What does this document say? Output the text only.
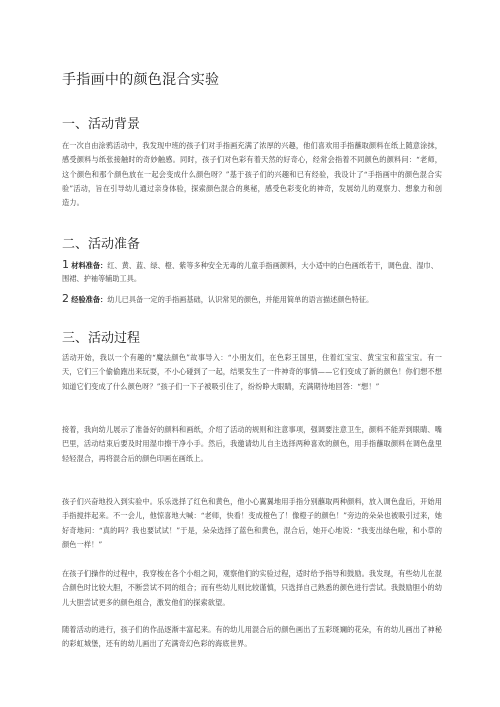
手指画中的颜色混合实验
一、活动背景
在一次自由涂鸦活动中，我发现中班的孩子们对手指画充满了浓厚的兴趣，他们喜欢用手指蘸取颜料在纸上随意涂抹，感受颜料与纸张接触时的奇妙触感。同时，孩子们对色彩有着天然的好奇心，经常会指着不同颜色的颜料问：“老师，这个颜色和那个颜色放在一起会变成什么颜色呀？”基于孩子们的兴趣和已有经验，我设计了“手指画中的颜色混合实验”活动，旨在引导幼儿通过亲身体验，探索颜色混合的奥秘，感受色彩变化的神奇，发展幼儿的观察力、想象力和创造力。
二、活动准备
1 材料准备：红、黄、蓝、绿、橙、紫等多种安全无毒的儿童手指画颜料，大小适中的白色画纸若干，调色盘、湿巾、围裙、护袖等辅助工具。
2 经验准备：幼儿已具备一定的手指画基础，认识常见的颜色，并能用简单的语言描述颜色特征。
三、活动过程
活动开始，我以一个有趣的“魔法颜色”故事导入：“小朋友们，在色彩王国里，住着红宝宝、黄宝宝和蓝宝宝。有一天，它们三个偷偷跑出来玩耍，不小心碰到了一起，结果发生了一件神奇的事情——它们变成了新的颜色！你们想不想知道它们变成了什么颜色呀？”孩子们一下子被吸引住了，纷纷睁大眼睛，充满期待地回答：“想！”
接着，我向幼儿展示了准备好的颜料和画纸，介绍了活动的规则和注意事项，强调要注意卫生，颜料不能弄到眼睛、嘴巴里，活动结束后要及时用湿巾擦干净小手。然后，我邀请幼儿自主选择两种喜欢的颜色，用手指蘸取颜料在调色盘里轻轻混合，再将混合后的颜色印画在画纸上。
孩子们兴奋地投入到实验中。乐乐选择了红色和黄色，他小心翼翼地用手指分别蘸取两种颜料，放入调色盘后，开始用手指搅拌起来。不一会儿，他惊喜地大喊：“老师，快看！变成橙色了！像橙子的颜色！”旁边的朵朵也被吸引过来，她好奇地问：“真的吗？我也要试试！”于是，朵朵选择了蓝色和黄色，混合后，她开心地说：“我变出绿色啦，和小草的颜色一样！”
在孩子们操作的过程中，我穿梭在各个小组之间，观察他们的实验过程，适时给予指导和鼓励。我发现，有些幼儿在混合颜色时比较大胆，不断尝试不同的组合；而有些幼儿则比较谨慎，只选择自己熟悉的颜色进行尝试。我鼓励胆小的幼儿大胆尝试更多的颜色组合，激发他们的探索欲望。
随着活动的进行，孩子们的作品逐渐丰富起来。有的幼儿用混合后的颜色画出了五彩斑斓的花朵，有的幼儿画出了神秘的彩虹城堡，还有的幼儿画出了充满奇幻色彩的海底世界。
